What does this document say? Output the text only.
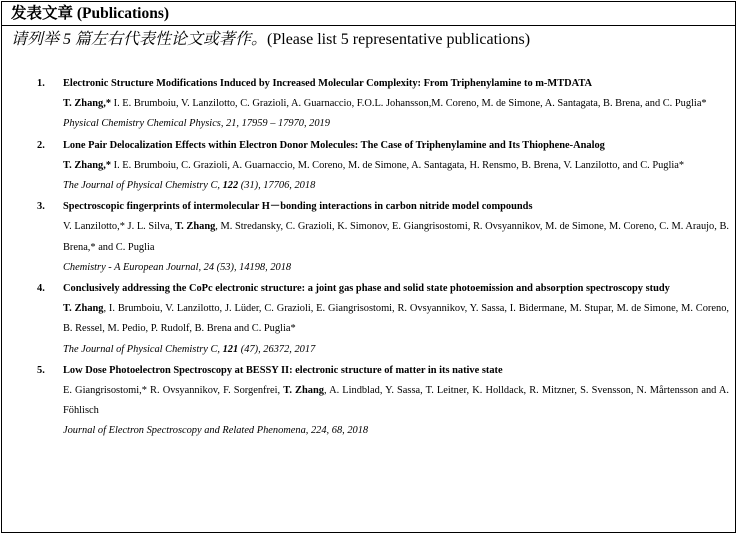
发表文章 (Publications)
请列举 5 篇左右代表性论文或著作。(Please list 5 representative publications)
1. Electronic Structure Modifications Induced by Increased Molecular Complexity: From Triphenylamine to m-MTDATA
T. Zhang,* I. E. Brumboiu, V. Lanzilotto, C. Grazioli, A. Guarnaccio, F.O.L. Johansson,M. Coreno, M. de Simone, A. Santagata, B. Brena, and C. Puglia*
Physical Chemistry Chemical Physics, 21, 17959 – 17970, 2019
2. Lone Pair Delocalization Effects within Electron Donor Molecules: The Case of Triphenylamine and Its Thiophene-Analog
T. Zhang,* I. E. Brumboiu, C. Grazioli, A. Guarnaccio, M. Coreno, M. de Simone, A. Santagata, H. Rensmo, B. Brena, V. Lanzilotto, and C. Puglia*
The Journal of Physical Chemistry C, 122 (31), 17706, 2018
3. Spectroscopic fingerprints of intermolecular H－bonding interactions in carbon nitride model compounds
V. Lanzilotto,* J. L. Silva, T. Zhang, M. Stredansky, C. Grazioli, K. Simonov, E. Giangrisostomi, R. Ovsyannikov, M. de Simone, M. Coreno, C. M. Araujo, B. Brena,* and C. Puglia
Chemistry - A European Journal, 24 (53), 14198, 2018
4. Conclusively addressing the CoPc electronic structure: a joint gas phase and solid state photoemission and absorption spectroscopy study
T. Zhang, I. Brumboiu, V. Lanzilotto, J. Lüder, C. Grazioli, E. Giangrisostomi, R. Ovsyannikov, Y. Sassa, I. Bidermane, M. Stupar, M. de Simone, M. Coreno, B. Ressel, M. Pedio, P. Rudolf, B. Brena and C. Puglia*
The Journal of Physical Chemistry C, 121 (47), 26372, 2017
5. Low Dose Photoelectron Spectroscopy at BESSY II: electronic structure of matter in its native state
E. Giangrisostomi,* R. Ovsyannikov, F. Sorgenfrei, T. Zhang, A. Lindblad, Y. Sassa, T. Leitner, K. Holldack, R. Mitzner, S. Svensson, N. Mårtensson and A. Föhlisch
Journal of Electron Spectroscopy and Related Phenomena, 224, 68, 2018
